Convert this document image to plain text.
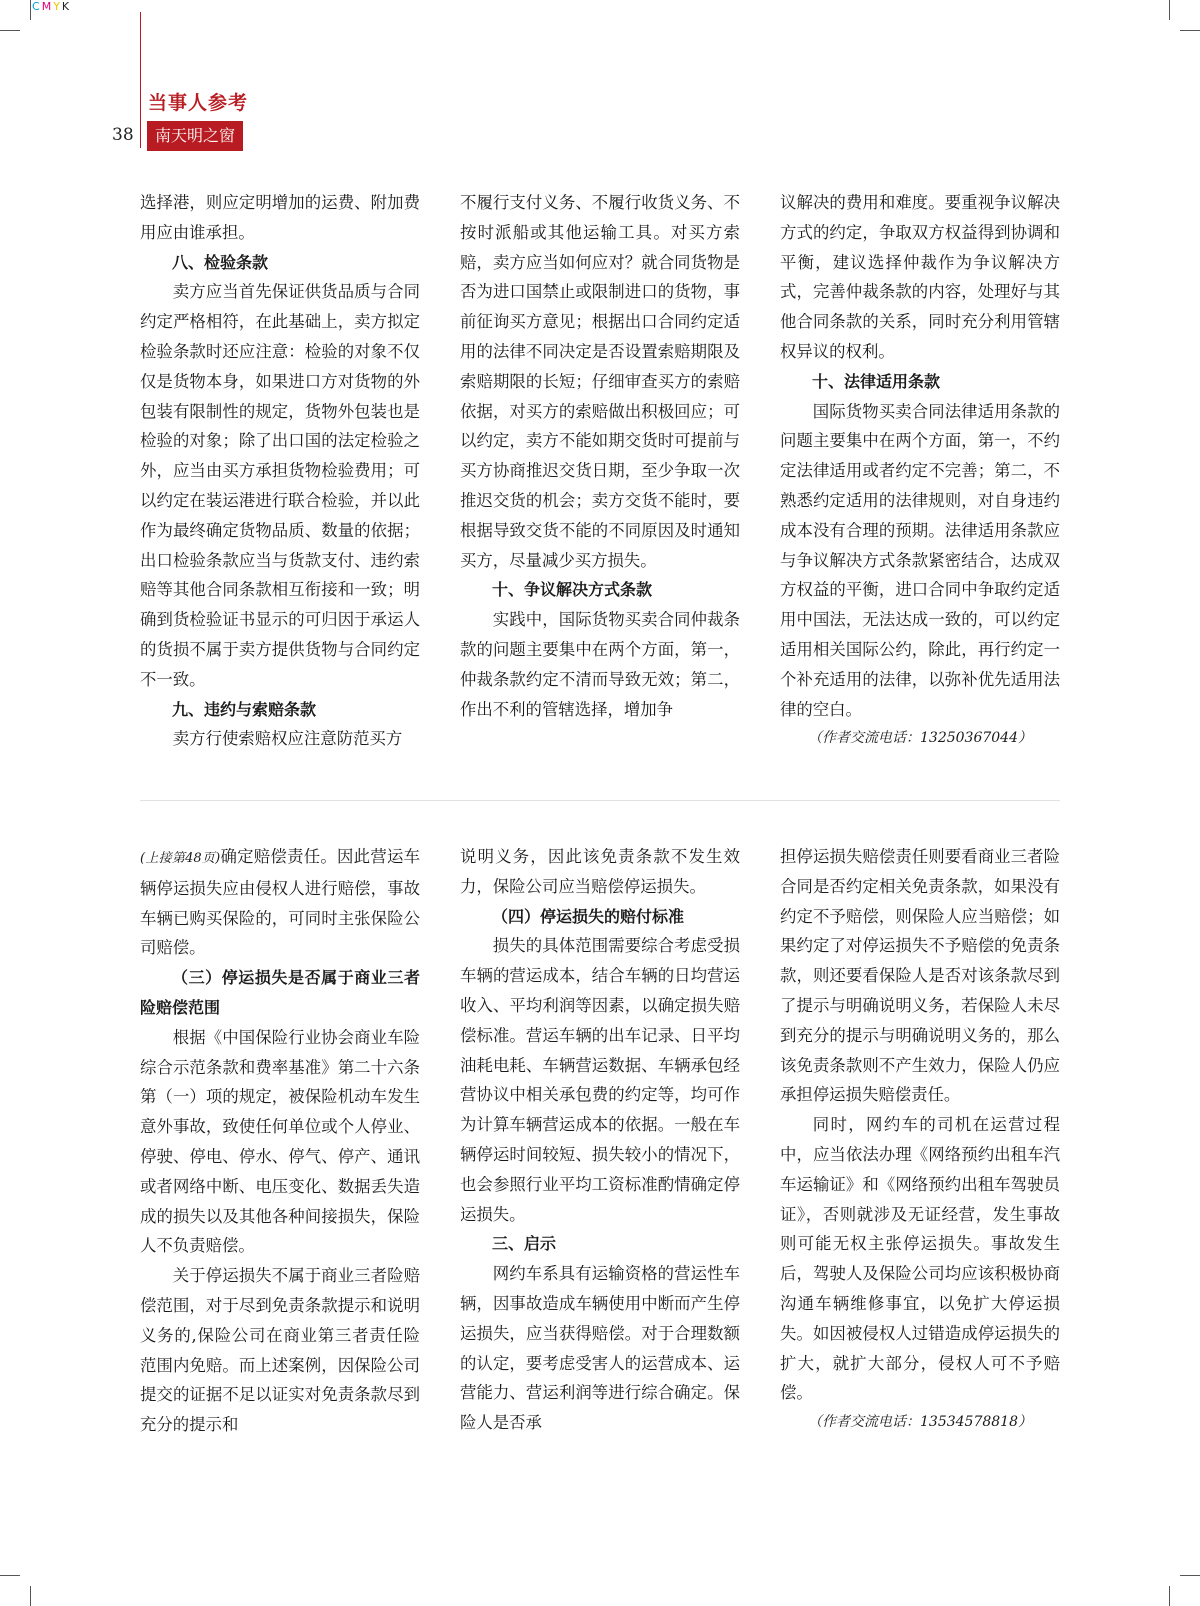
C M Y K
当事人参考
38	南天明之窗

选择港，则应定明增加的运费、附加费用应由谁承担。

八、检验条款

卖方应当首先保证供货品质与合同约定严格相符，在此基础上，卖方拟定检验条款时还应注意：检验的对象不仅仅是货物本身，如果进口方对货物的外包装有限制性的规定，货物外包装也是检验的对象；除了出口国的法定检验之外，应当由买方承担货物检验费用；可以约定在装运港进行联合检验，并以此作为最终确定货物品质、数量的依据；出口检验条款应当与货款支付、违约索赔等其他合同条款相互衔接和一致；明确到货检验证书显示的可归因于承运人的货损不属于卖方提供货物与合同约定不一致。

九、违约与索赔条款

卖方行使索赔权应注意防范买方

不履行支付义务、不履行收货义务、不按时派船或其他运输工具。对买方索赔，卖方应当如何应对？就合同货物是否为进口国禁止或限制进口的货物，事前征询买方意见；根据出口合同约定适用的法律不同决定是否设置索赔期限及索赔期限的长短；仔细审查买方的索赔依据，对买方的索赔做出积极回应；可以约定，卖方不能如期交货时可提前与买方协商推迟交货日期，至少争取一次推迟交货的机会；卖方交货不能时，要根据导致交货不能的不同原因及时通知买方，尽量减少买方损失。

十、争议解决方式条款

实践中，国际货物买卖合同仲裁条款的问题主要集中在两个方面，第一，仲裁条款约定不清而导致无效；第二，作出不利的管辖选择，增加争

议解决的费用和难度。要重视争议解决方式的约定，争取双方权益得到协调和平衡，建议选择仲裁作为争议解决方式，完善仲裁条款的内容，处理好与其他合同条款的关系，同时充分利用管辖权异议的权利。

十、法律适用条款

国际货物买卖合同法律适用条款的问题主要集中在两个方面，第一，不约定法律适用或者约定不完善；第二，不熟悉约定适用的法律规则，对自身违约成本没有合理的预期。法律适用条款应与争议解决方式条款紧密结合，达成双方权益的平衡，进口合同中争取约定适用中国法，无法达成一致的，可以约定适用相关国际公约，除此，再行约定一个补充适用的法律，以弥补优先适用法律的空白。

（作者交流电话：13250367044）

(上接第48页)确定赔偿责任。因此营运车辆停运损失应由侵权人进行赔偿，事故车辆已购买保险的，可同时主张保险公司赔偿。

（三）停运损失是否属于商业三者险赔偿范围

根据《中国保险行业协会商业车险综合示范条款和费率基准》第二十六条第（一）项的规定，被保险机动车发生意外事故，致使任何单位或个人停业、停驶、停电、停水、停气、停产、通讯或者网络中断、电压变化、数据丢失造成的损失以及其他各种间接损失，保险人不负责赔偿。

关于停运损失不属于商业三者险赔偿范围，对于尽到免责条款提示和说明义务的,保险公司在商业第三者责任险范围内免赔。而上述案例，因保险公司提交的证据不足以证实对免责条款尽到充分的提示和

说明义务，因此该免责条款不发生效力，保险公司应当赔偿停运损失。

（四）停运损失的赔付标准

损失的具体范围需要综合考虑受损车辆的营运成本，结合车辆的日均营运收入、平均利润等因素，以确定损失赔偿标准。营运车辆的出车记录、日平均油耗电耗、车辆营运数据、车辆承包经营协议中相关承包费的约定等，均可作为计算车辆营运成本的依据。一般在车辆停运时间较短、损失较小的情况下，也会参照行业平均工资标准酌情确定停运损失。

三、启示

网约车系具有运输资格的营运性车辆，因事故造成车辆使用中断而产生停运损失，应当获得赔偿。对于合理数额的认定，要考虑受害人的运营成本、运营能力、营运利润等进行综合确定。保险人是否承

担停运损失赔偿责任则要看商业三者险合同是否约定相关免责条款，如果没有约定不予赔偿，则保险人应当赔偿；如果约定了对停运损失不予赔偿的免责条款，则还要看保险人是否对该条款尽到了提示与明确说明义务，若保险人未尽到充分的提示与明确说明义务的，那么该免责条款则不产生效力，保险人仍应承担停运损失赔偿责任。

同时，网约车的司机在运营过程中，应当依法办理《网络预约出租车汽车运输证》和《网络预约出租车驾驶员证》，否则就涉及无证经营，发生事故则可能无权主张停运损失。事故发生后，驾驶人及保险公司均应该积极协商沟通车辆维修事宜，以免扩大停运损失。如因被侵权人过错造成停运损失的扩大，就扩大部分，侵权人可不予赔偿。

（作者交流电话：13534578818）
